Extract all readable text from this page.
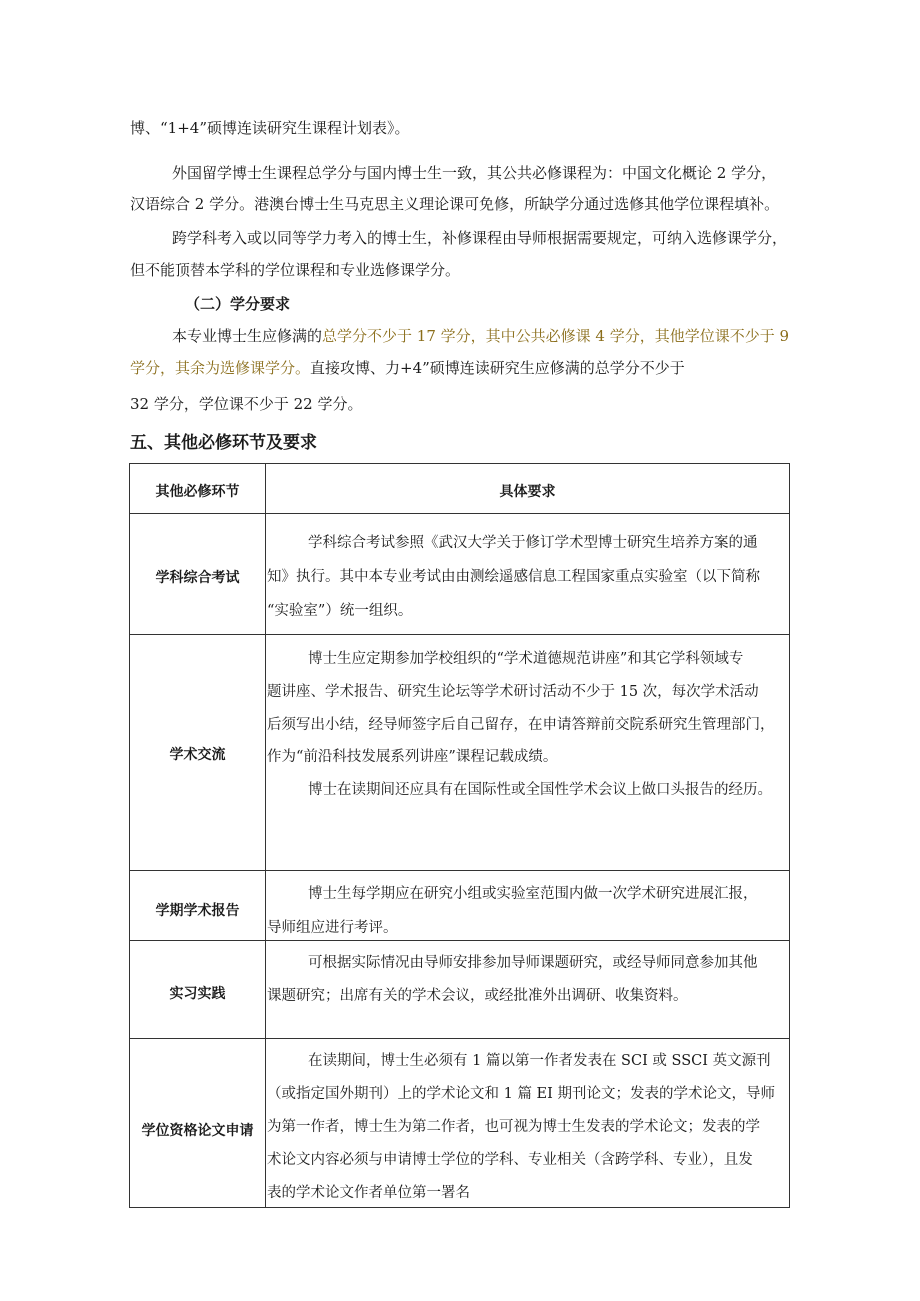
博、“1+4”硕博连读研究生课程计划表》。
外国留学博士生课程总学分与国内博士生一致，其公共必修课程为：中国文化概论 2 学分，
汉语综合 2 学分。港澳台博士生马克思主义理论课可免修，所缺学分通过选修其他学位课程填补。
跨学科考入或以同等学力考入的博士生，补修课程由导师根据需要规定，可纳入选修课学分，
但不能顶替本学科的学位课程和专业选修课学分。
（二）学分要求
本专业博士生应修满的总学分不少于 17 学分，其中公共必修课 4 学分，其他学位课不少于 9
学分，其余为选修课学分。直接攻博、力+4”硕博连读研究生应修满的总学分不少于
32 学分，学位课不少于 22 学分。
五、其他必修环节及要求
其他必修环节	具体要求
学科综合考试
学科综合考试参照《武汉大学关于修订学术型博士研究生培养方案的通
知》执行。其中本专业考试由由测绘遥感信息工程国家重点实验室（以下简称
“实验室”）统一组织。
学术交流
博士生应定期参加学校组织的“学术道德规范讲座”和其它学科领域专
题讲座、学术报告、研究生论坛等学术研讨活动不少于 15 次，每次学术活动
后须写出小结，经导师签字后自己留存，在申请答辩前交院系研究生管理部门，
作为“前沿科技发展系列讲座”课程记载成绩。
博士在读期间还应具有在国际性或全国性学术会议上做口头报告的经历。
学期学术报告
博士生每学期应在研究小组或实验室范围内做一次学术研究进展汇报，
导师组应进行考评。
实习实践
可根据实际情况由导师安排参加导师课题研究，或经导师同意参加其他
课题研究；出席有关的学术会议，或经批准外出调研、收集资料。
学位资格论文申请
在读期间，博士生必须有 1 篇以第一作者发表在 SCI 或 SSCI 英文源刊
（或指定国外期刊）上的学术论文和 1 篇 EI 期刊论文；发表的学术论文，导师
为第一作者，博士生为第二作者，也可视为博士生发表的学术论文；发表的学
术论文内容必须与申请博士学位的学科、专业相关（含跨学科、专业），且发
表的学术论文作者单位第一署名
